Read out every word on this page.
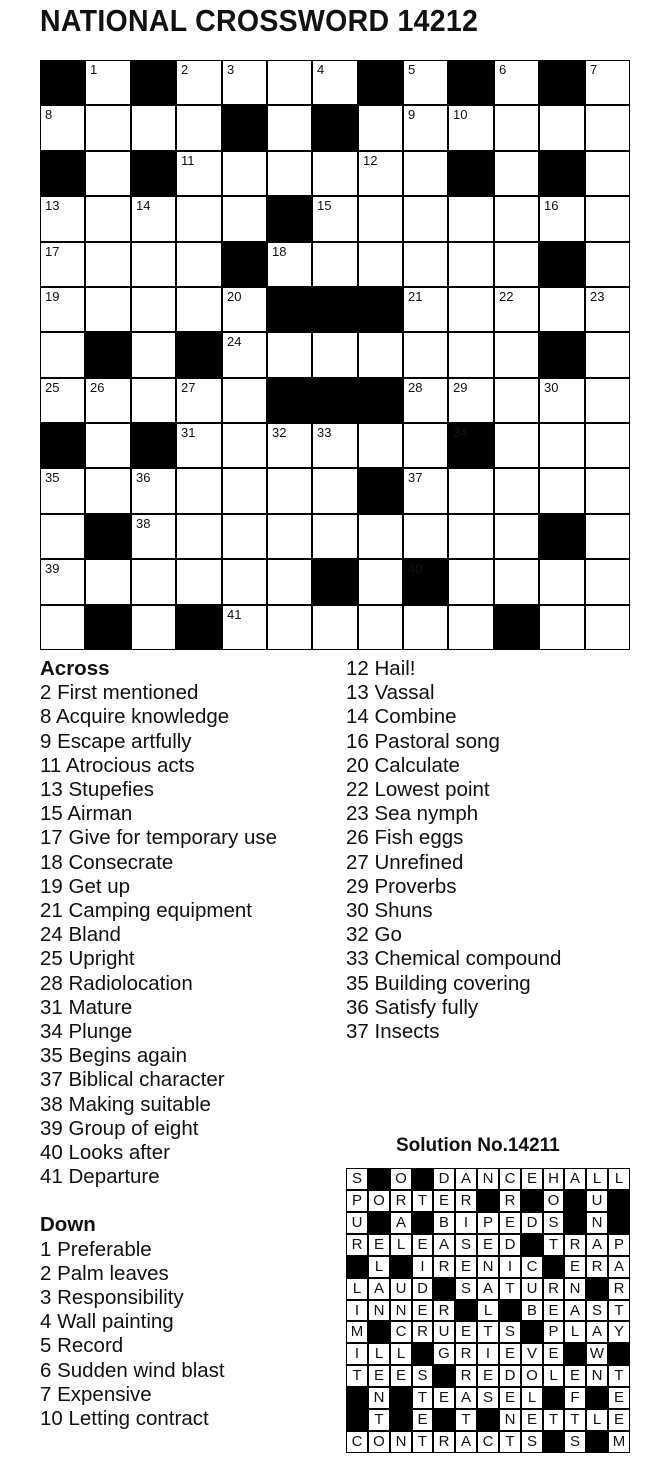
NATIONAL CROSSWORD 14212
1	2	3	4	5	6	7
8	9	10
11	12
13	14	15	16
17	18
19	20	21	22	23
24
25 26	27	28 29	30
31	32 33	34
35	36	37
38
39	40
41
Across
2 First mentioned
8 Acquire knowledge
9 Escape artfully
11 Atrocious acts
13 Stupefies
15 Airman
17 Give for temporary use
18 Consecrate
19 Get up
21 Camping equipment
24 Bland
25 Upright
28 Radiolocation
31 Mature
34 Plunge
35 Begins again
37 Biblical character
38 Making suitable
39 Group of eight
40 Looks after
41 Departure
Down
1 Preferable
2 Palm leaves
3 Responsibility
4 Wall painting
5 Record
6 Sudden wind blast
7 Expensive
10 Letting contract
12 Hail!
13 Vassal
14 Combine
16 Pastoral song
20 Calculate
22 Lowest point
23 Sea nymph
26 Fish eggs
27 Unrefined
29 Proverbs
30 Shuns
32 Go
33 Chemical compound
35 Building covering
36 Satisfy fully
37 Insects
Solution No.14211
S	O	D A N C E H A L L
P O R T E R	R	O	U
U	A	B I P E D S	N
R E L E A S E D	T R A P
L	I R E N I C	E R A
L A U D	S A T U R N	R
I N N E R	L	B E A S T
M	C R U E T S	P L A Y
I	L L	G R I E V E	W
T E E S	R E D O L E N T
N	T E A S E L	F	E
T	E	T	N E T T L E
C O N T R A C T S	S	M
